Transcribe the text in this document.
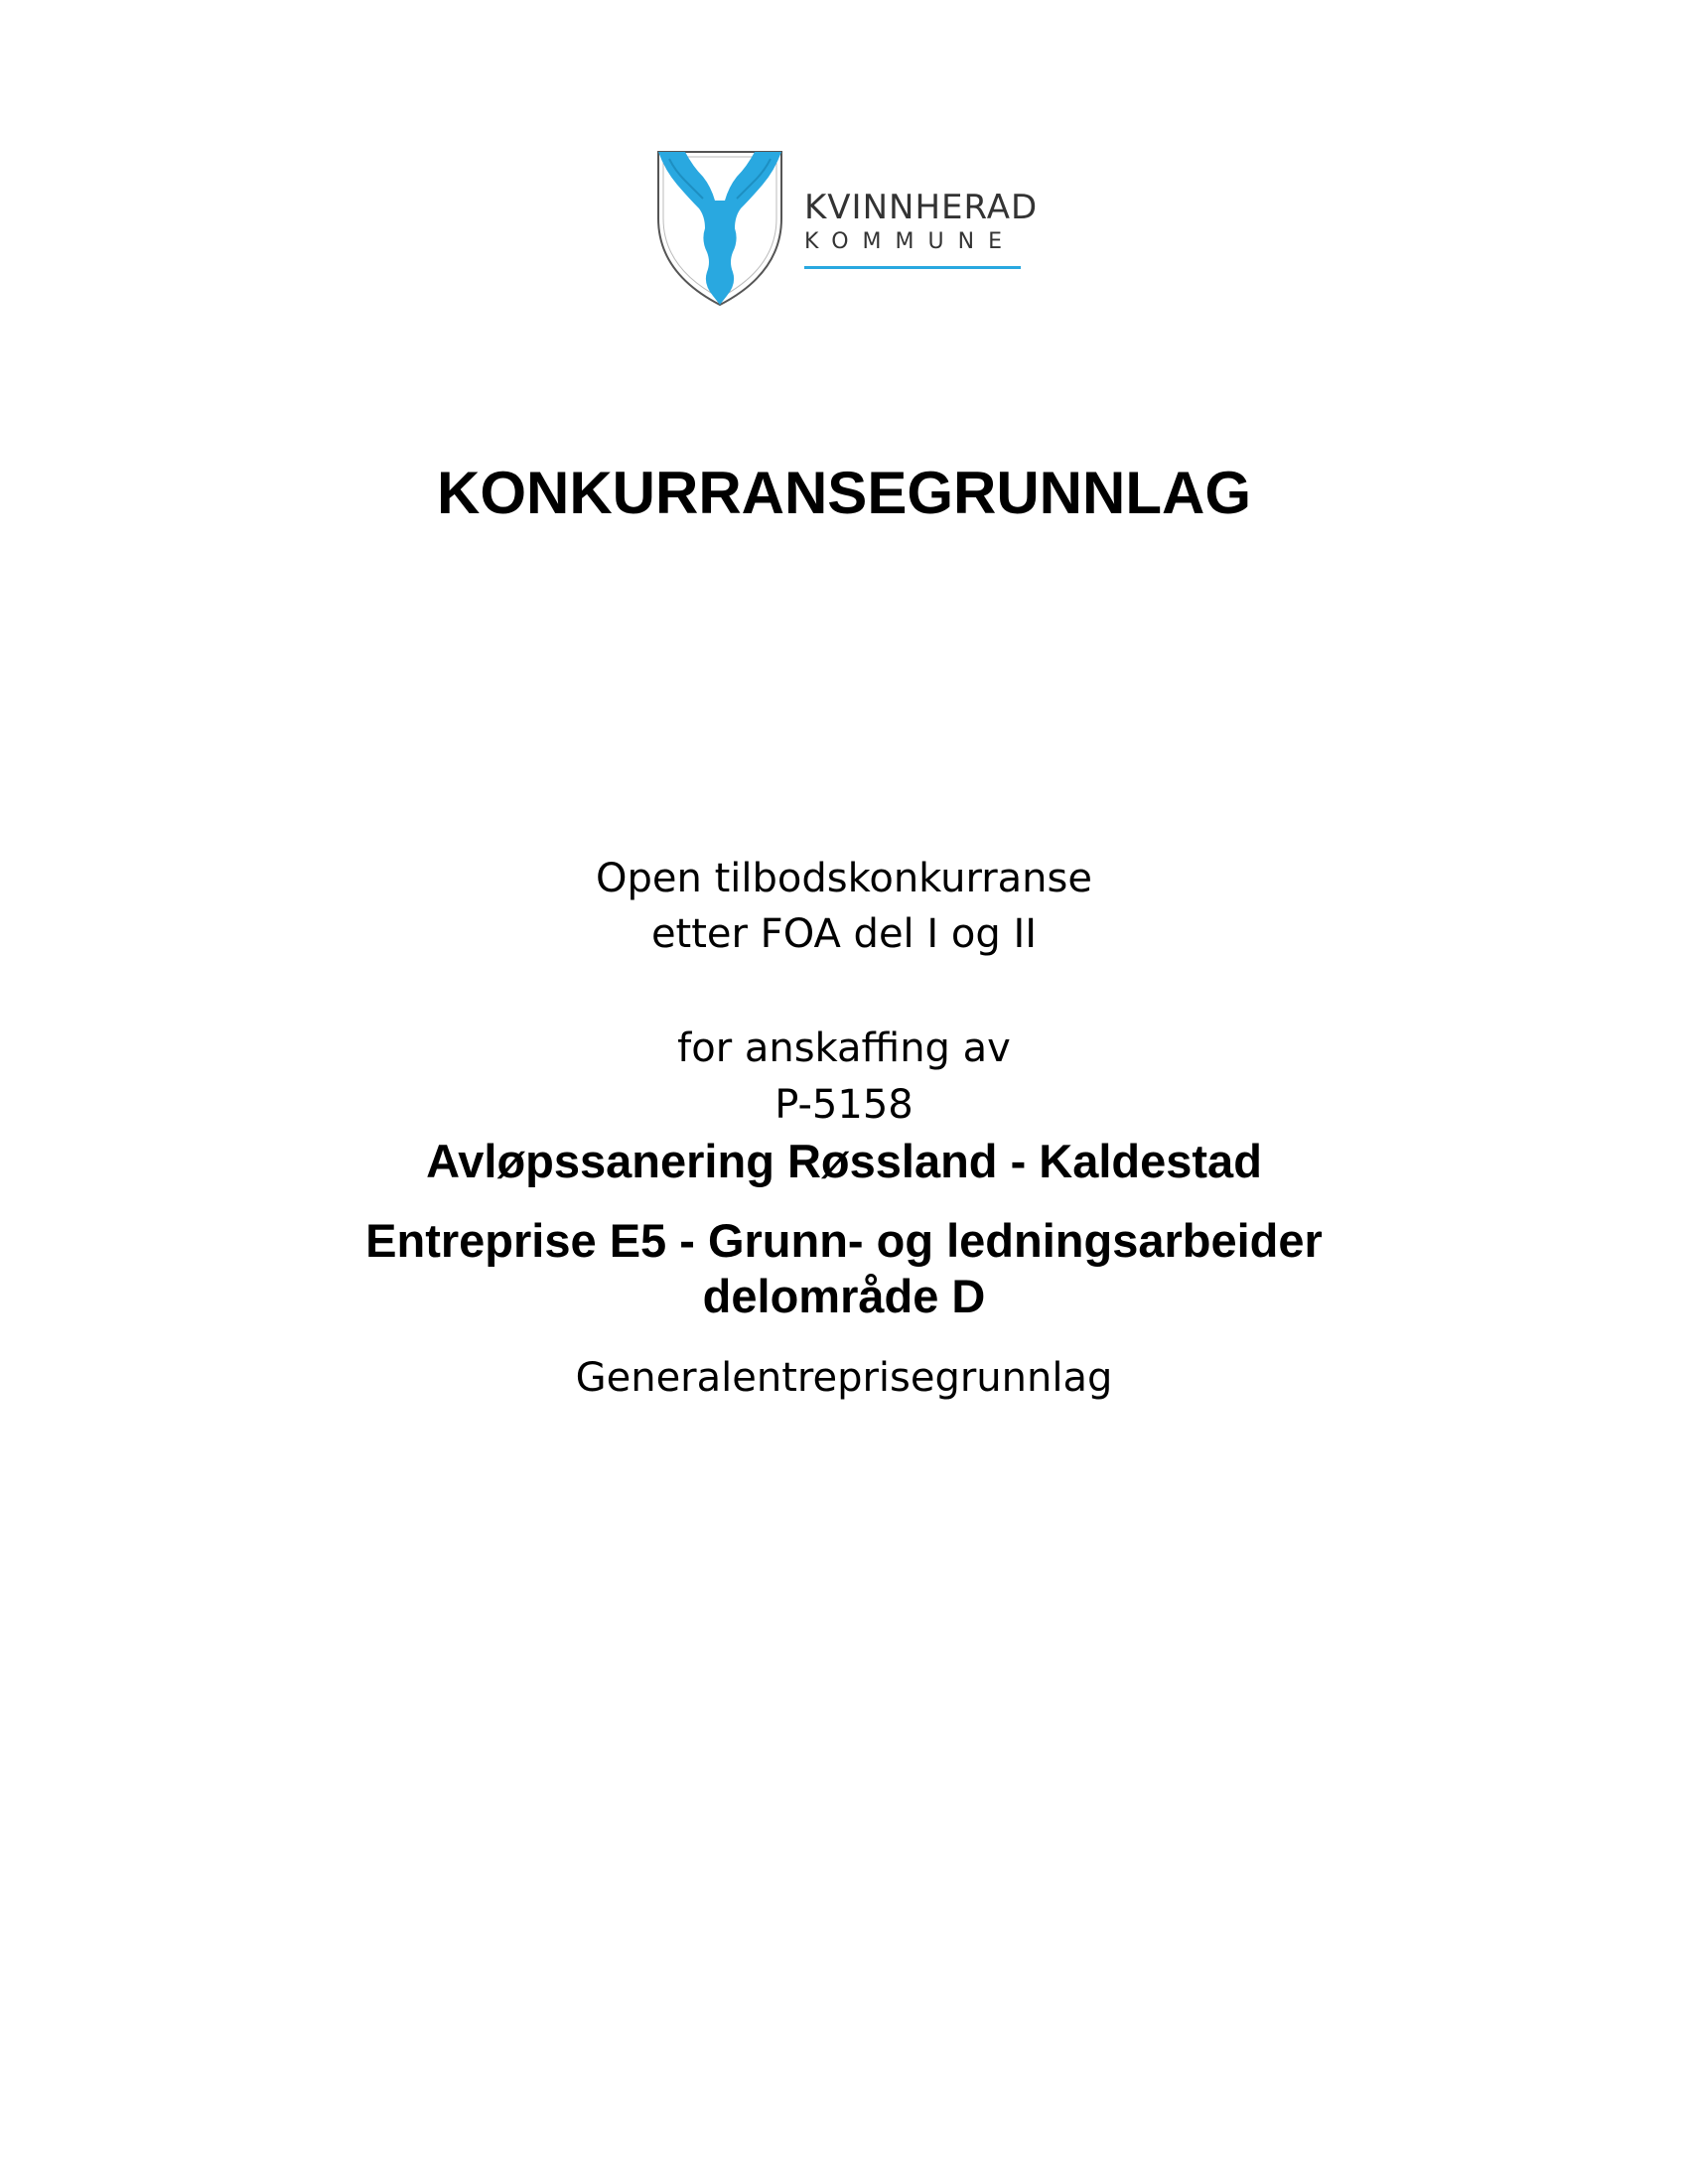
KVINNHERAD
KOMMUNE
KONKURRANSEGRUNNLAG
Open tilbodskonkurranse
etter FOA del I og II
for anskaffing av
P-5158
Avløpssanering Røssland - Kaldestad
Entreprise E5 - Grunn- og ledningsarbeider
delområde D
Generalentreprisegrunnlag
